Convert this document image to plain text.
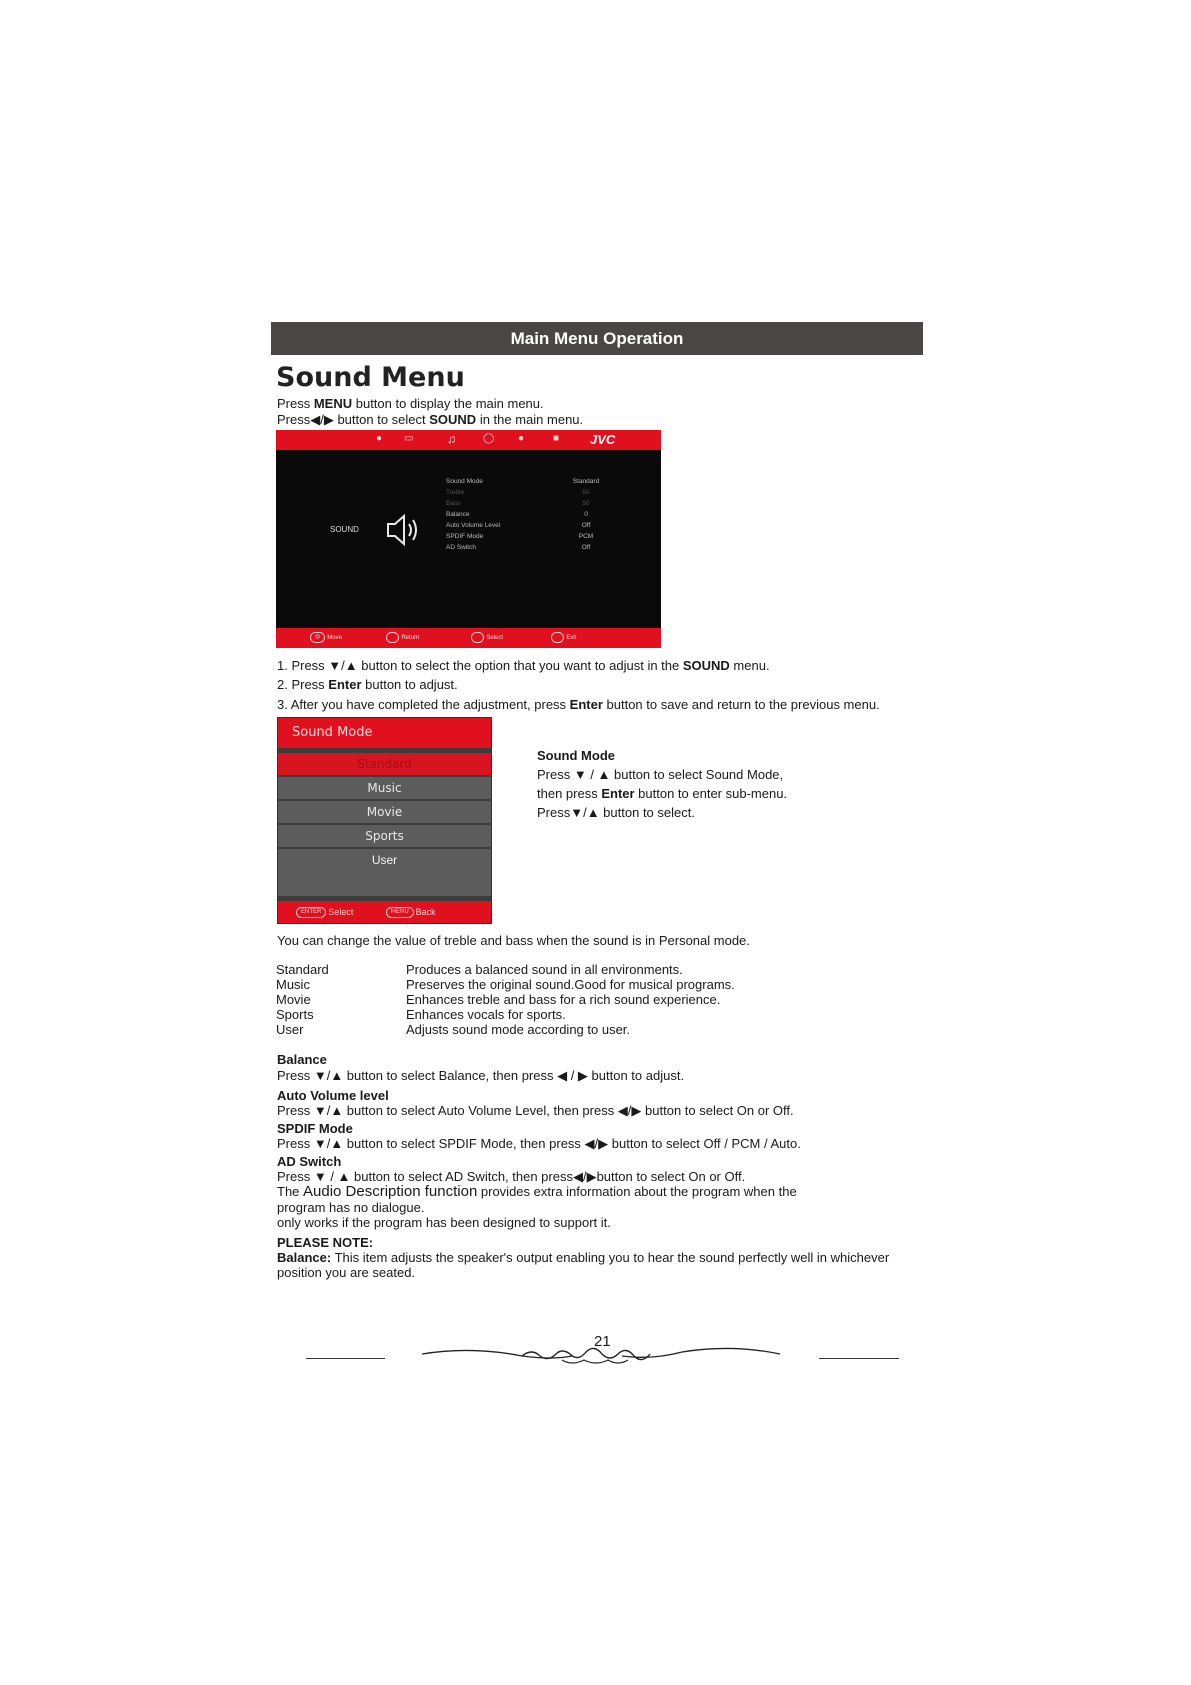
Main Menu Operation
Sound Menu
Press MENU button to display the main menu.
Press◀/▶ button to select SOUND in the main menu.
● ▭	♫	◯ ●	■ JVC
SOUND
Sound Mode	Standard
Treble	50
Bass	50
Balance	0
Auto Volume Level	Off
SPDIF Mode	PCM
AD Switch	Off
◎ Move	Return	Select	Exit
1. Press ▼/▲ button to select the option that you want to adjust in the SOUND menu.
2. Press Enter button to adjust.
3. After you have completed the adjustment, press Enter button to save and return to the previous menu.
Sound Mode
Standard
Music
Movie
Sports
User
ENTER Select	MENU Back
Sound Mode
Press ▼ / ▲ button to select Sound Mode,
then press Enter button to enter sub-menu.
Press▼/▲ button to select.
You can change the value of treble and bass when the sound is in Personal mode.
Standard	Produces a balanced sound in all environments.
Music	Preserves the original sound.Good for musical programs.
Movie	Enhances treble and bass for a rich sound experience.
Sports	Enhances vocals for sports.
User	Adjusts sound mode according to user.
Balance
Press ▼/▲ button to select Balance, then press ◀ / ▶ button to adjust.
Auto Volume level
Press ▼/▲ button to select Auto Volume Level, then press ◀/▶ button to select On or Off.
SPDIF Mode
Press ▼/▲ button to select SPDIF Mode, then press ◀/▶ button to select Off / PCM / Auto.
AD Switch
Press ▼ / ▲ button to select AD Switch, then press◀/▶button to select On or Off.
The Audio Description function provides extra information about the program when the
program has no dialogue.
only works if the program has been designed to support it.
PLEASE NOTE:
Balance: This item adjusts the speaker's output enabling you to hear the sound perfectly well in whichever
position you are seated.
21
